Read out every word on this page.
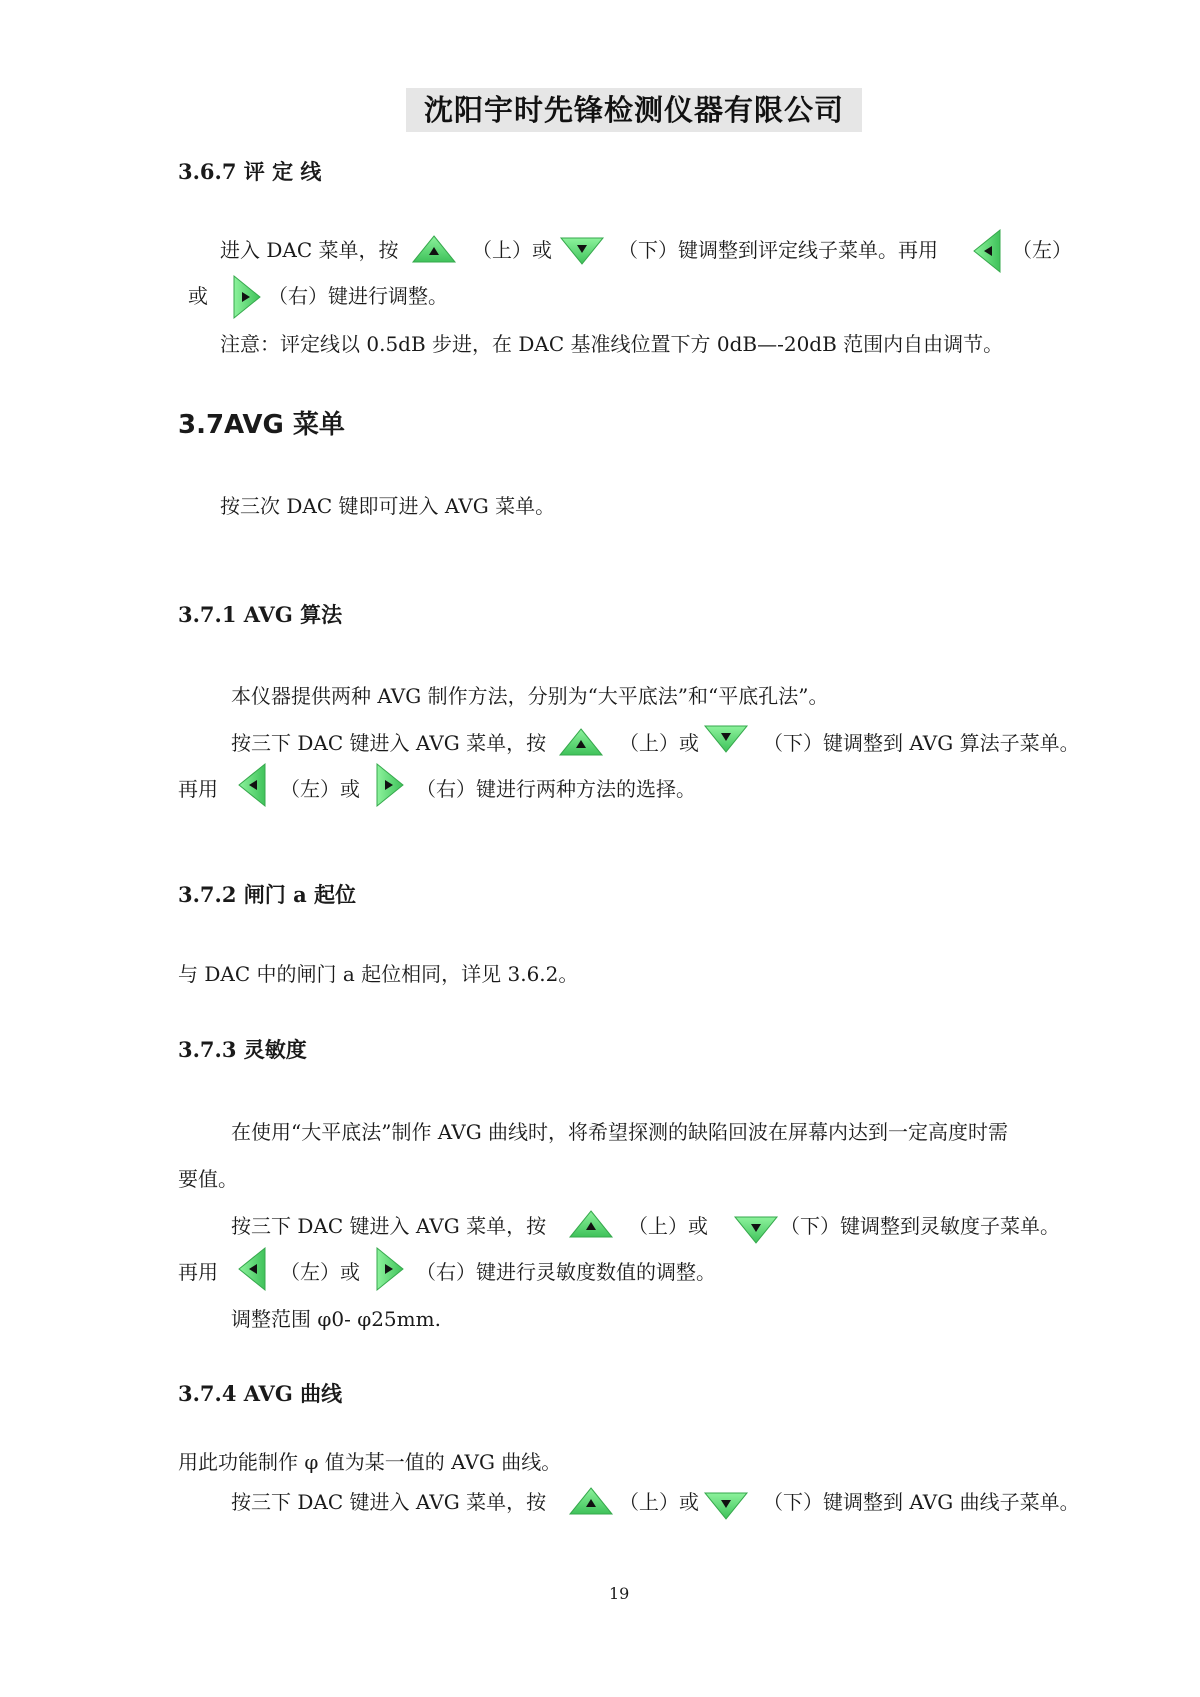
沈阳宇时先锋检测仪器有限公司
3.6.7 评 定 线
进入 DAC 菜单，按	（上）或	（下）键调整到评定线子菜单。再用	（左）
或	（右）键进行调整。
注意：评定线以 0.5dB 步进，在 DAC 基准线位置下方 0dB—-20dB 范围内自由调节。
3.7AVG 菜单
按三次 DAC 键即可进入 AVG 菜单。
3.7.1 AVG 算法
本仪器提供两种 AVG 制作方法，分别为“大平底法”和“平底孔法”。
按三下 DAC 键进入 AVG 菜单，按	（上）或	（下）键调整到 AVG 算法子菜单。
再用	（左）或	（右）键进行两种方法的选择。
3.7.2 闸门 a 起位
与 DAC 中的闸门 a 起位相同，详见 3.6.2。
3.7.3 灵敏度
在使用“大平底法”制作 AVG 曲线时，将希望探测的缺陷回波在屏幕内达到一定高度时需
要值。
按三下 DAC 键进入 AVG 菜单，按	（上）或	（下）键调整到灵敏度子菜单。
再用	（左）或	（右）键进行灵敏度数值的调整。
调整范围 φ0- φ25mm.
3.7.4 AVG 曲线
用此功能制作 φ 值为某一值的 AVG 曲线。
按三下 DAC 键进入 AVG 菜单，按	（上）或	（下）键调整到 AVG 曲线子菜单。
19
